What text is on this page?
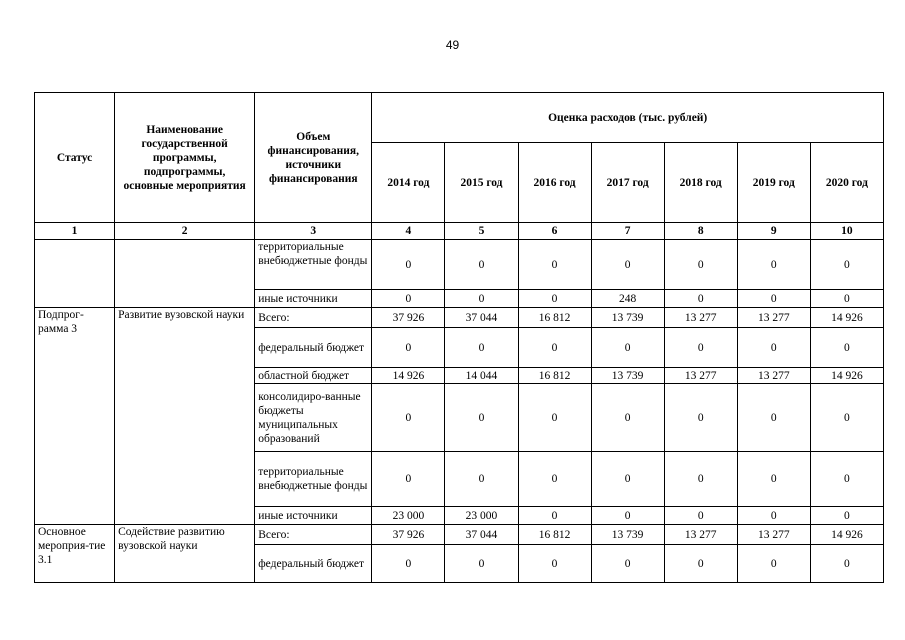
49
Статус	Наименование государственной программы, подпрограммы, основные мероприятия	Объем финансирования, источники финансирования	Оценка расходов (тыс. рублей)						
			2014 год	2015 год	2016 год	2017 год	2018 год	2019 год	2020 год
1	2	3	4	5	6	7	8	9	10
		территориальные внебюджетные фонды	0	0	0	0	0	0	0
		иные источники	0	0	0	248	0	0	0
Подпрог-рамма 3	Развитие вузовской науки	Всего:	37 926	37 044	16 812	13 739	13 277	13 277	14 926
		федеральный бюджет	0	0	0	0	0	0	0
		областной бюджет	14 926	14 044	16 812	13 739	13 277	13 277	14 926
		консолидиро-ванные бюджеты муниципальных образований	0	0	0	0	0	0	0
		территориальные внебюджетные фонды	0	0	0	0	0	0	0
		иные источники	23 000	23 000	0	0	0	0	0
Основное мероприя-тие 3.1	Содействие развитию вузовской науки	Всего:	37 926	37 044	16 812	13 739	13 277	13 277	14 926
		федеральный бюджет	0	0	0	0	0	0	0
